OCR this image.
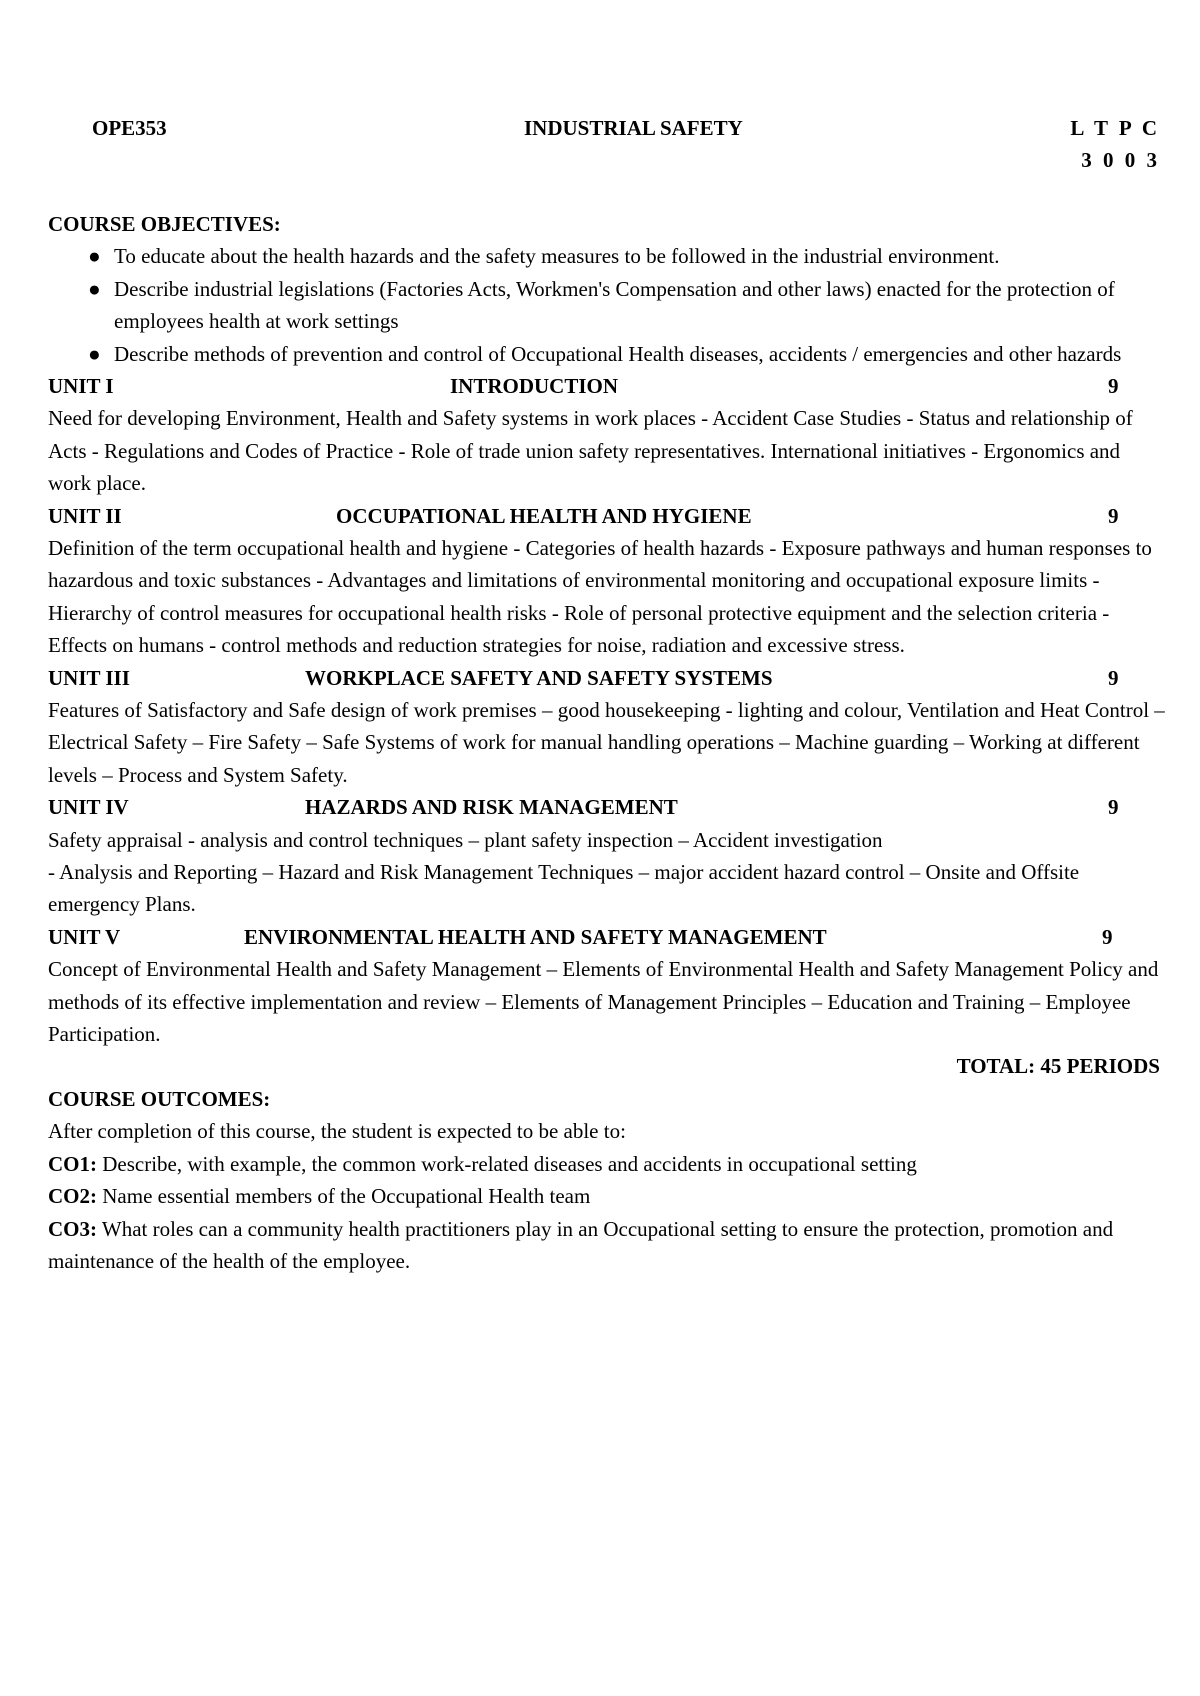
OPE353	INDUSTRIAL SAFETY	L T P C
3 0 0 3
COURSE OBJECTIVES:
● To educate about the health hazards and the safety measures to be followed in the industrial environment.
● Describe industrial legislations (Factories Acts, Workmen's Compensation and other laws) enacted for the protection of employees health at work settings
● Describe methods of prevention and control of Occupational Health diseases, accidents / emergencies and other hazards
UNIT I	INTRODUCTION	9

Need for developing Environment, Health and Safety systems in work places - Accident Case Studies - Status and relationship of Acts - Regulations and Codes of Practice - Role of trade union safety representatives. International initiatives - Ergonomics and work place.

UNIT II	OCCUPATIONAL HEALTH AND HYGIENE	9

Definition of the term occupational health and hygiene - Categories of health hazards - Exposure pathways and human responses to hazardous and toxic substances - Advantages and limitations of environmental monitoring and occupational exposure limits - Hierarchy of control measures for occupational health risks - Role of personal protective equipment and the selection criteria - Effects on humans - control methods and reduction strategies for noise, radiation and excessive stress.

UNIT III	WORKPLACE SAFETY AND SAFETY SYSTEMS	9

Features of Satisfactory and Safe design of work premises – good housekeeping - lighting and colour, Ventilation and Heat Control – Electrical Safety – Fire Safety – Safe Systems of work for manual handling operations – Machine guarding – Working at different levels – Process and System Safety.

UNIT IV	HAZARDS AND RISK MANAGEMENT	9

Safety appraisal - analysis and control techniques – plant safety inspection – Accident investigation

- Analysis and Reporting – Hazard and Risk Management Techniques – major accident hazard control – Onsite and Offsite emergency Plans.

UNIT V	ENVIRONMENTAL HEALTH AND SAFETY MANAGEMENT	9

Concept of Environmental Health and Safety Management – Elements of Environmental Health and Safety Management Policy and methods of its effective implementation and review – Elements of Management Principles – Education and Training – Employee Participation.

TOTAL: 45 PERIODS
COURSE OUTCOMES:

After completion of this course, the student is expected to be able to:

CO1: Describe, with example, the common work-related diseases and accidents in occupational setting

CO2: Name essential members of the Occupational Health team

CO3: What roles can a community health practitioners play in an Occupational setting to ensure the protection, promotion and maintenance of the health of the employee.
